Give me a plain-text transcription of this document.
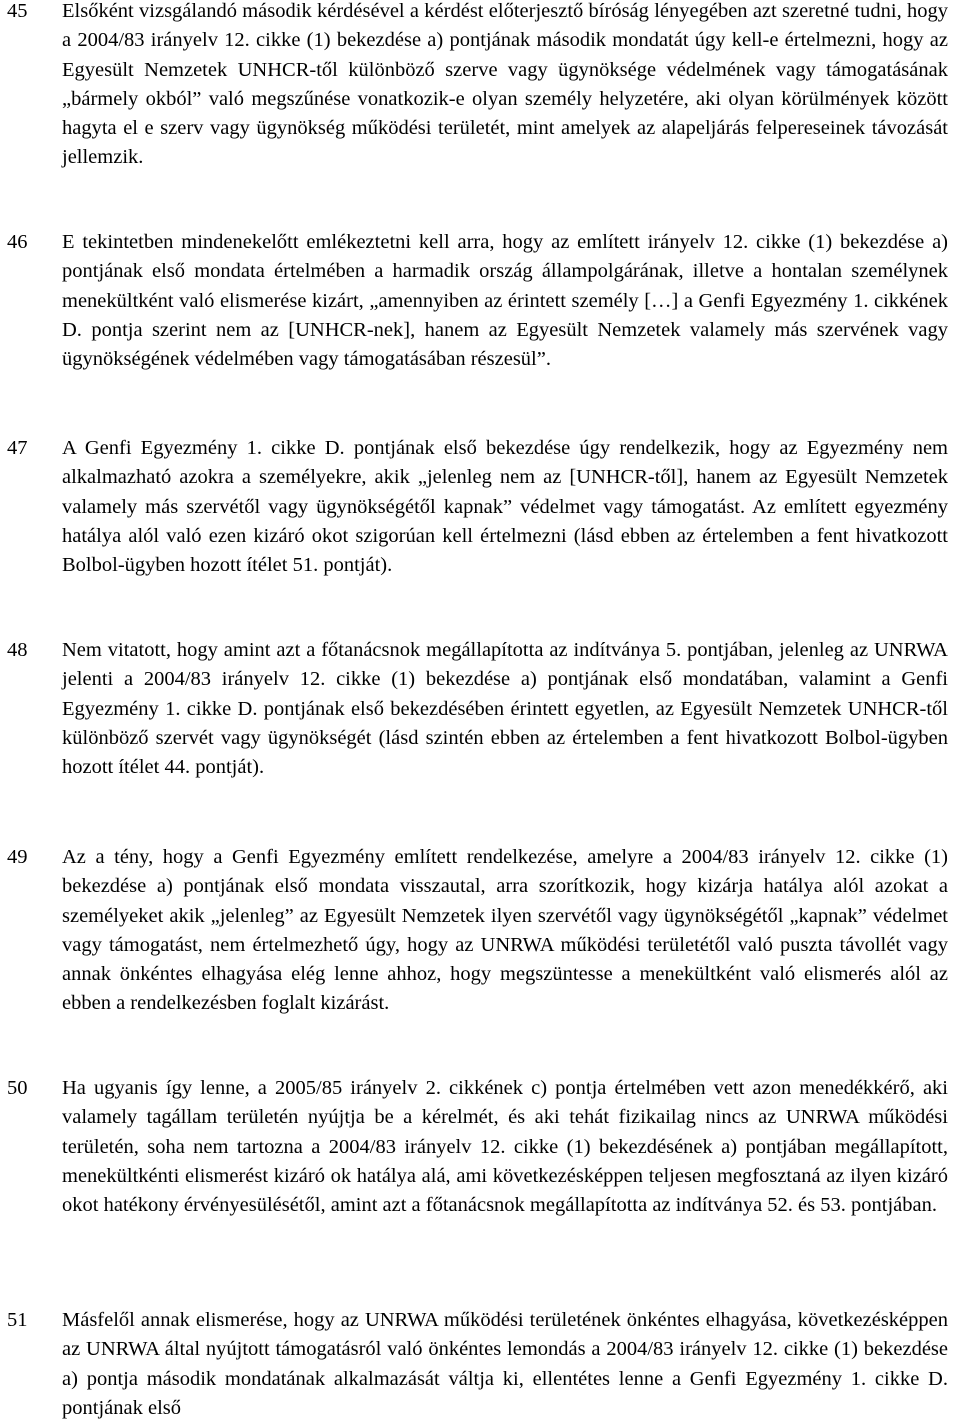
45	Elsőként vizsgálandó második kérdésével a kérdést előterjesztő bíróság lényegében azt szeretné tudni, hogy a 2004/83 irányelv 12. cikke (1) bekezdése a) pontjának második mondatát úgy kell-e értelmezni, hogy az Egyesült Nemzetek UNHCR-től különböző szerve vagy ügynöksége védelmének vagy támogatásának „bármely okból” való megszűnése vonatkozik-e olyan személy helyzetére, aki olyan körülmények között hagyta el e szerv vagy ügynökség működési területét, mint amelyek az alapeljárás felpereseinek távozását jellemzik.

46	E tekintetben mindenekelőtt emlékeztetni kell arra, hogy az említett irányelv 12. cikke (1) bekezdése a) pontjának első mondata értelmében a harmadik ország állampolgárának, illetve a hontalan személynek menekültként való elismerése kizárt, „amennyiben az érintett személy […] a Genfi Egyezmény 1. cikkének D. pontja szerint nem az [UNHCR-nek], hanem az Egyesült Nemzetek valamely más szervének vagy ügynökségének védelmében vagy támogatásában részesül”.

47	A Genfi Egyezmény 1. cikke D. pontjának első bekezdése úgy rendelkezik, hogy az Egyezmény nem alkalmazható azokra a személyekre, akik „jelenleg nem az [UNHCR-től], hanem az Egyesült Nemzetek valamely más szervétől vagy ügynökségétől kapnak” védelmet vagy támogatást. Az említett egyezmény hatálya alól való ezen kizáró okot szigorúan kell értelmezni (lásd ebben az értelemben a fent hivatkozott Bolbol-ügyben hozott ítélet 51. pontját).

48	Nem vitatott, hogy amint azt a főtanácsnok megállapította az indítványa 5. pontjában, jelenleg az UNRWA jelenti a 2004/83 irányelv 12. cikke (1) bekezdése a) pontjának első mondatában, valamint a Genfi Egyezmény 1. cikke D. pontjának első bekezdésében érintett egyetlen, az Egyesült Nemzetek UNHCR-től különböző szervét vagy ügynökségét (lásd szintén ebben az értelemben a fent hivatkozott Bolbol-ügyben hozott ítélet 44. pontját).

49	Az a tény, hogy a Genfi Egyezmény említett rendelkezése, amelyre a 2004/83 irányelv 12. cikke (1) bekezdése a) pontjának első mondata visszautal, arra szorítkozik, hogy kizárja hatálya alól azokat a személyeket akik „jelenleg” az Egyesült Nemzetek ilyen szervétől vagy ügynökségétől „kapnak” védelmet vagy támogatást, nem értelmezhető úgy, hogy az UNRWA működési területétől való puszta távollét vagy annak önkéntes elhagyása elég lenne ahhoz, hogy megszüntesse a menekültként való elismerés alól az ebben a rendelkezésben foglalt kizárást.

50	Ha ugyanis így lenne, a 2005/85 irányelv 2. cikkének c) pontja értelmében vett azon menedékkérő, aki valamely tagállam területén nyújtja be a kérelmét, és aki tehát fizikailag nincs az UNRWA működési területén, soha nem tartozna a 2004/83 irányelv 12. cikke (1) bekezdésének a) pontjában megállapított, menekültkénti elismerést kizáró ok hatálya alá, ami következésképpen teljesen megfosztaná az ilyen kizáró okot hatékony érvényesülésétől, amint azt a főtanácsnok megállapította az indítványa 52. és 53. pontjában.

51	Másfelől annak elismerése, hogy az UNRWA működési területének önkéntes elhagyása, következésképpen az UNRWA által nyújtott támogatásról való önkéntes lemondás a 2004/83 irányelv 12. cikke (1) bekezdése a) pontja második mondatának alkalmazását váltja ki, ellentétes lenne a Genfi Egyezmény 1. cikke D. pontjának első
